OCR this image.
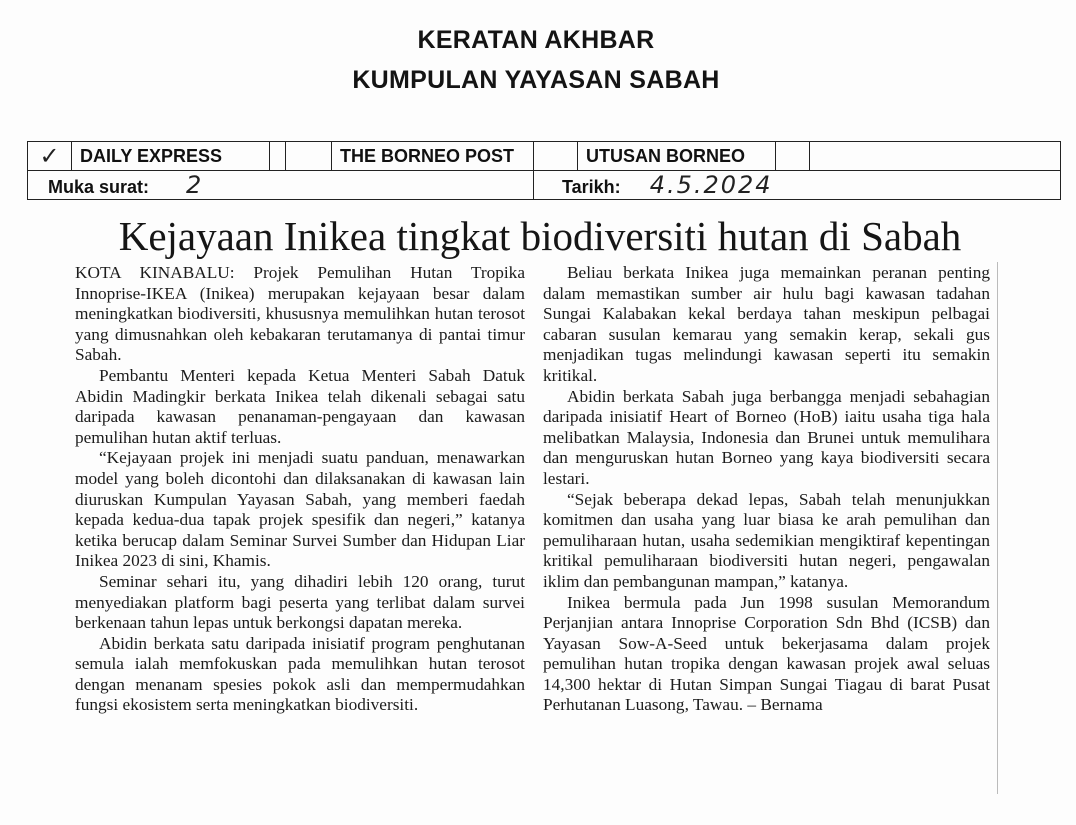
KERATAN AKHBAR
KUMPULAN YAYASAN SABAH
✓	DAILY EXPRESS			THE BORNEO POST		UTUSAN BORNEO		
Muka surat: 2					Tarikh: 4.5.2024			
Kejayaan Inikea tingkat biodiversiti hutan di Sabah

KOTA KINABALU: Projek Pemulihan Hutan Tropika Innoprise-IKEA (Inikea) merupakan kejayaan besar dalam meningkatkan biodiversiti, khususnya memulihkan hutan terosot yang dimusnahkan oleh kebakaran terutamanya di pantai timur Sabah.

Pembantu Menteri kepada Ketua Menteri Sabah Datuk Abidin Madingkir berkata Inikea telah dikenali sebagai satu daripada kawasan penanaman-pengayaan dan kawasan pemulihan hutan aktif terluas.

“Kejayaan projek ini menjadi suatu panduan, menawarkan model yang boleh dicontohi dan dilaksanakan di kawasan lain diuruskan Kumpulan Yayasan Sabah, yang memberi faedah kepada kedua-dua tapak projek spesifik dan negeri,” katanya ketika berucap dalam Seminar Survei Sumber dan Hidupan Liar Inikea 2023 di sini, Khamis.

Seminar sehari itu, yang dihadiri lebih 120 orang, turut menyediakan platform bagi peserta yang terlibat dalam survei berkenaan tahun lepas untuk berkongsi dapatan mereka.

Abidin berkata satu daripada inisiatif program penghutanan semula ialah memfokuskan pada memulihkan hutan terosot dengan menanam spesies pokok asli dan mempermudahkan fungsi ekosistem serta meningkatkan biodiversiti.

Beliau berkata Inikea juga memainkan peranan penting dalam memastikan sumber air hulu bagi kawasan tadahan Sungai Kalabakan kekal berdaya tahan meskipun pelbagai cabaran susulan kemarau yang semakin kerap, sekali gus menjadikan tugas melindungi kawasan seperti itu semakin kritikal.

Abidin berkata Sabah juga berbangga menjadi sebahagian daripada inisiatif Heart of Borneo (HoB) iaitu usaha tiga hala melibatkan Malaysia, Indonesia dan Brunei untuk memulihara dan menguruskan hutan Borneo yang kaya biodiversiti secara lestari.

“Sejak beberapa dekad lepas, Sabah telah menunjukkan komitmen dan usaha yang luar biasa ke arah pemulihan dan pemuliharaan hutan, usaha sedemikian mengiktiraf kepentingan kritikal pemuliharaan biodiversiti hutan negeri, pengawalan iklim dan pembangunan mampan,” katanya.

Inikea bermula pada Jun 1998 susulan Memorandum Perjanjian antara Innoprise Corporation Sdn Bhd (ICSB) dan Yayasan Sow-A-Seed untuk bekerjasama dalam projek pemulihan hutan tropika dengan kawasan projek awal seluas 14,300 hektar di Hutan Simpan Sungai Tiagau di barat Pusat Perhutanan Luasong, Tawau. – Bernama
